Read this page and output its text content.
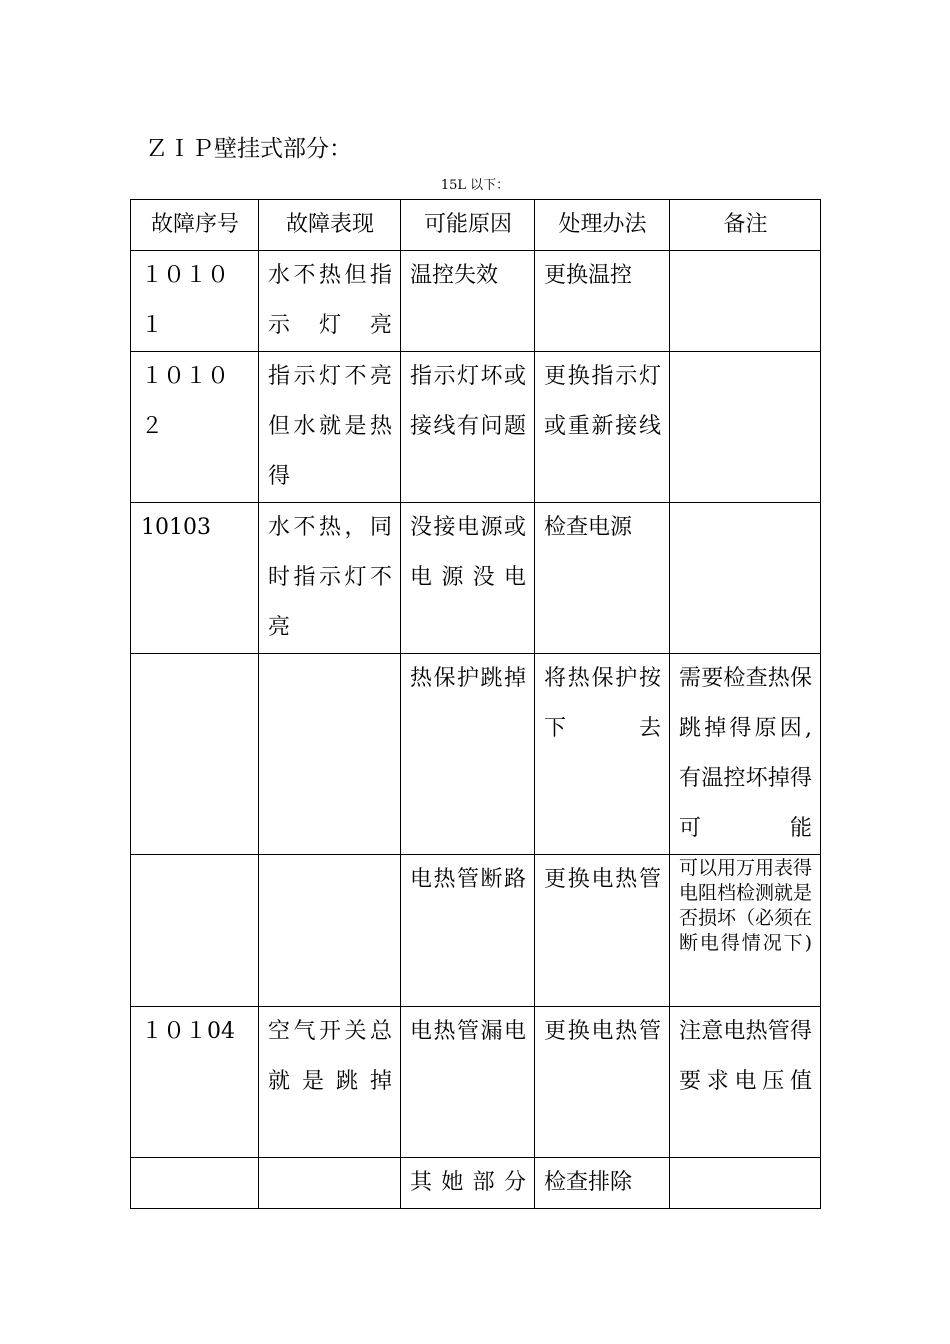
ＺＩＰ壁挂式部分：
15L 以下：
故障序号	故障表现	可能原因	处理办法	备注
１０１０１	水不热但指示灯亮	温控失效	更换温控	
１０１０２	指示灯不亮但水就是热得	指示灯坏或接线有问题	更换指示灯或重新接线	
10103	水不热，同时指示灯不亮	没接电源或电源没电	检查电源	
		热保护跳掉	将热保护按下去	需要检查热保跳掉得原因,有温控坏掉得可能
		电热管断路	更换电热管	可以用万用表得电阻档检测就是否损坏（必须在断电得情况下)
１０１04	空气开关总就是跳掉	电热管漏电	更换电热管	注意电热管得要求电压值
		其她部分	检查排除	
